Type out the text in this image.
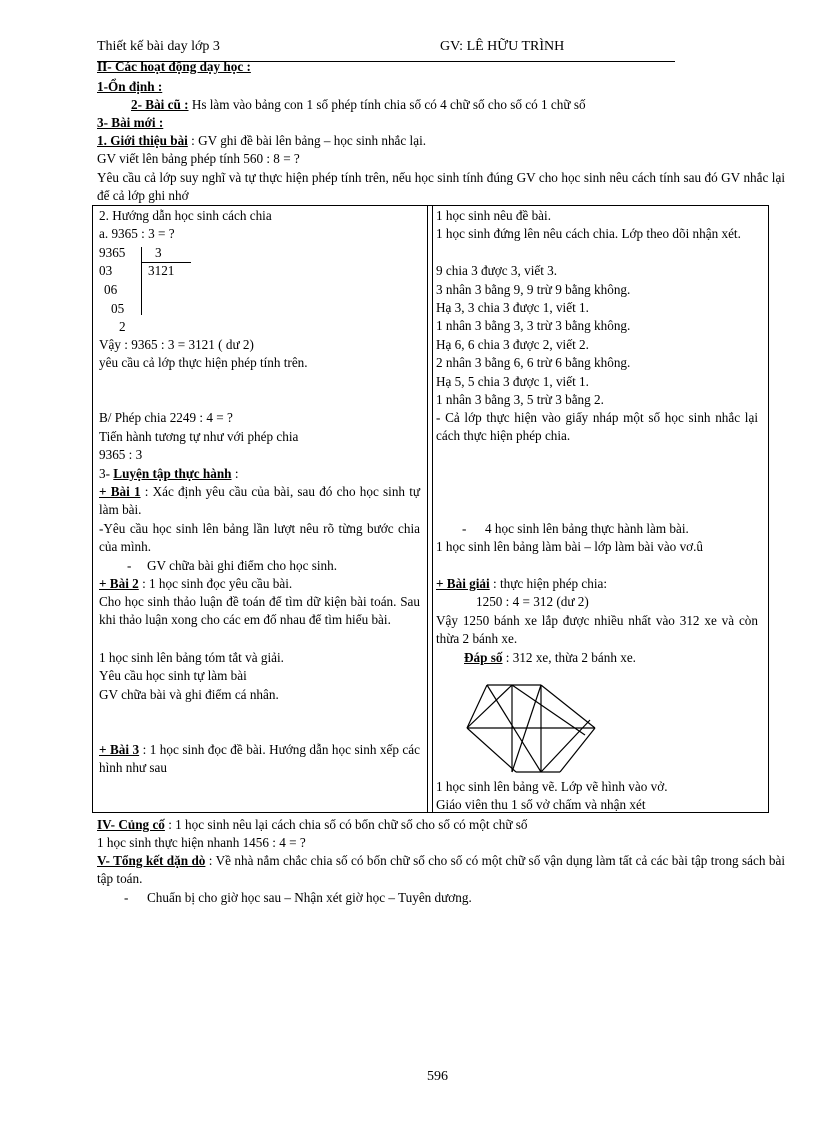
Thiết kế bài day lớp 3	GV: LÊ HỮU TRÌNH
II- Các hoạt động dạy học :
1-Ổn định :
2- Bài cũ : Hs làm vào bảng con 1 số phép tính chia số có 4 chữ số cho số có 1 chữ số
3- Bài mới :
1. Giới thiệu bài : GV ghi đề bài lên bảng – học sinh nhắc lại.
GV viết lên bảng phép tính 560 : 8 = ?
Yêu cầu cả lớp suy nghĩ và tự thực hiện phép tính trên, nếu học sinh tính đúng GV cho học sinh nêu cách tính sau đó GV nhắc lại để cả lớp ghi nhớ
2. Hướng dẫn học sinh cách chia
a. 9365 : 3 = ?
9365 3
03	3121
06
05
2
Vậy : 9365 : 3 = 3121 ( dư 2)
yêu cầu cả lớp thực hiện phép tính trên.
B/ Phép chia 2249 : 4 = ?
Tiến hành tương tự như với phép chia
9365 : 3
3- Luyện tập thực hành :
+ Bài 1 : Xác định yêu cầu của bài, sau đó cho học sinh tự làm bài.
-Yêu cầu học sinh lên bảng lần lượt nêu rõ từng bước chia của mình.
- GV chữa bài ghi điểm cho học sinh.
+ Bài 2 : 1 học sinh đọc yêu cầu bài.
Cho học sinh thảo luận đề toán để tìm dữ kiện bài toán. Sau khi thảo luận xong cho các em đố nhau để tìm hiểu bài.
1 học sinh lên bảng tóm tắt và giải.
Yêu cầu học sinh tự làm bài
GV chữa bài và ghi điểm cá nhân.
+ Bài 3 : 1 học sinh đọc đề bài. Hướng dẫn học sinh xếp các hình như sau
1 học sinh nêu đề bài.
1 học sinh đứng lên nêu cách chia. Lớp theo dõi nhận xét.
9 chia 3 được 3, viết 3.
3 nhân 3 bằng 9, 9 trừ 9 bằng không.
Hạ 3, 3 chia 3 được 1, viết 1.
1 nhân 3 bằng 3, 3 trừ 3 bằng không.
Hạ 6, 6 chia 3 được 2, viết 2.
2 nhân 3 bằng 6, 6 trừ 6 bằng không.
Hạ 5, 5 chia 3 được 1, viết 1.
1 nhân 3 bằng 3, 5 trừ 3 bằng 2.
- Cả lớp thực hiện vào giấy nháp một số học sinh nhắc lại cách thực hiện phép chia.
- 4 học sinh lên bảng thực hành làm bài.
1 học sinh lên bảng làm bài – lớp làm bài vào vơ.û
+ Bài giải : thực hiện phép chia:
1250 : 4 = 312 (dư 2)
Vậy 1250 bánh xe lắp được nhiều nhất vào 312 xe và còn thừa 2 bánh xe.
Đáp số : 312 xe, thừa 2 bánh xe.
1 học sinh lên bảng vẽ. Lớp vẽ hình vào vở.
Giáo viên thu 1 số vở chấm và nhận xét
IV- Củng cố : 1 học sinh nêu lại cách chia số có bốn chữ số cho số có một chữ số
1 học sinh thực hiện nhanh 1456 : 4 = ?
V- Tổng kết dặn dò : Về nhà nắm chắc chia số có bốn chữ số cho số có một chữ số vận dụng làm tất cả các bài tập trong sách bài tập toán.
- Chuẩn bị cho giờ học sau – Nhận xét giờ học – Tuyên dương.
596
